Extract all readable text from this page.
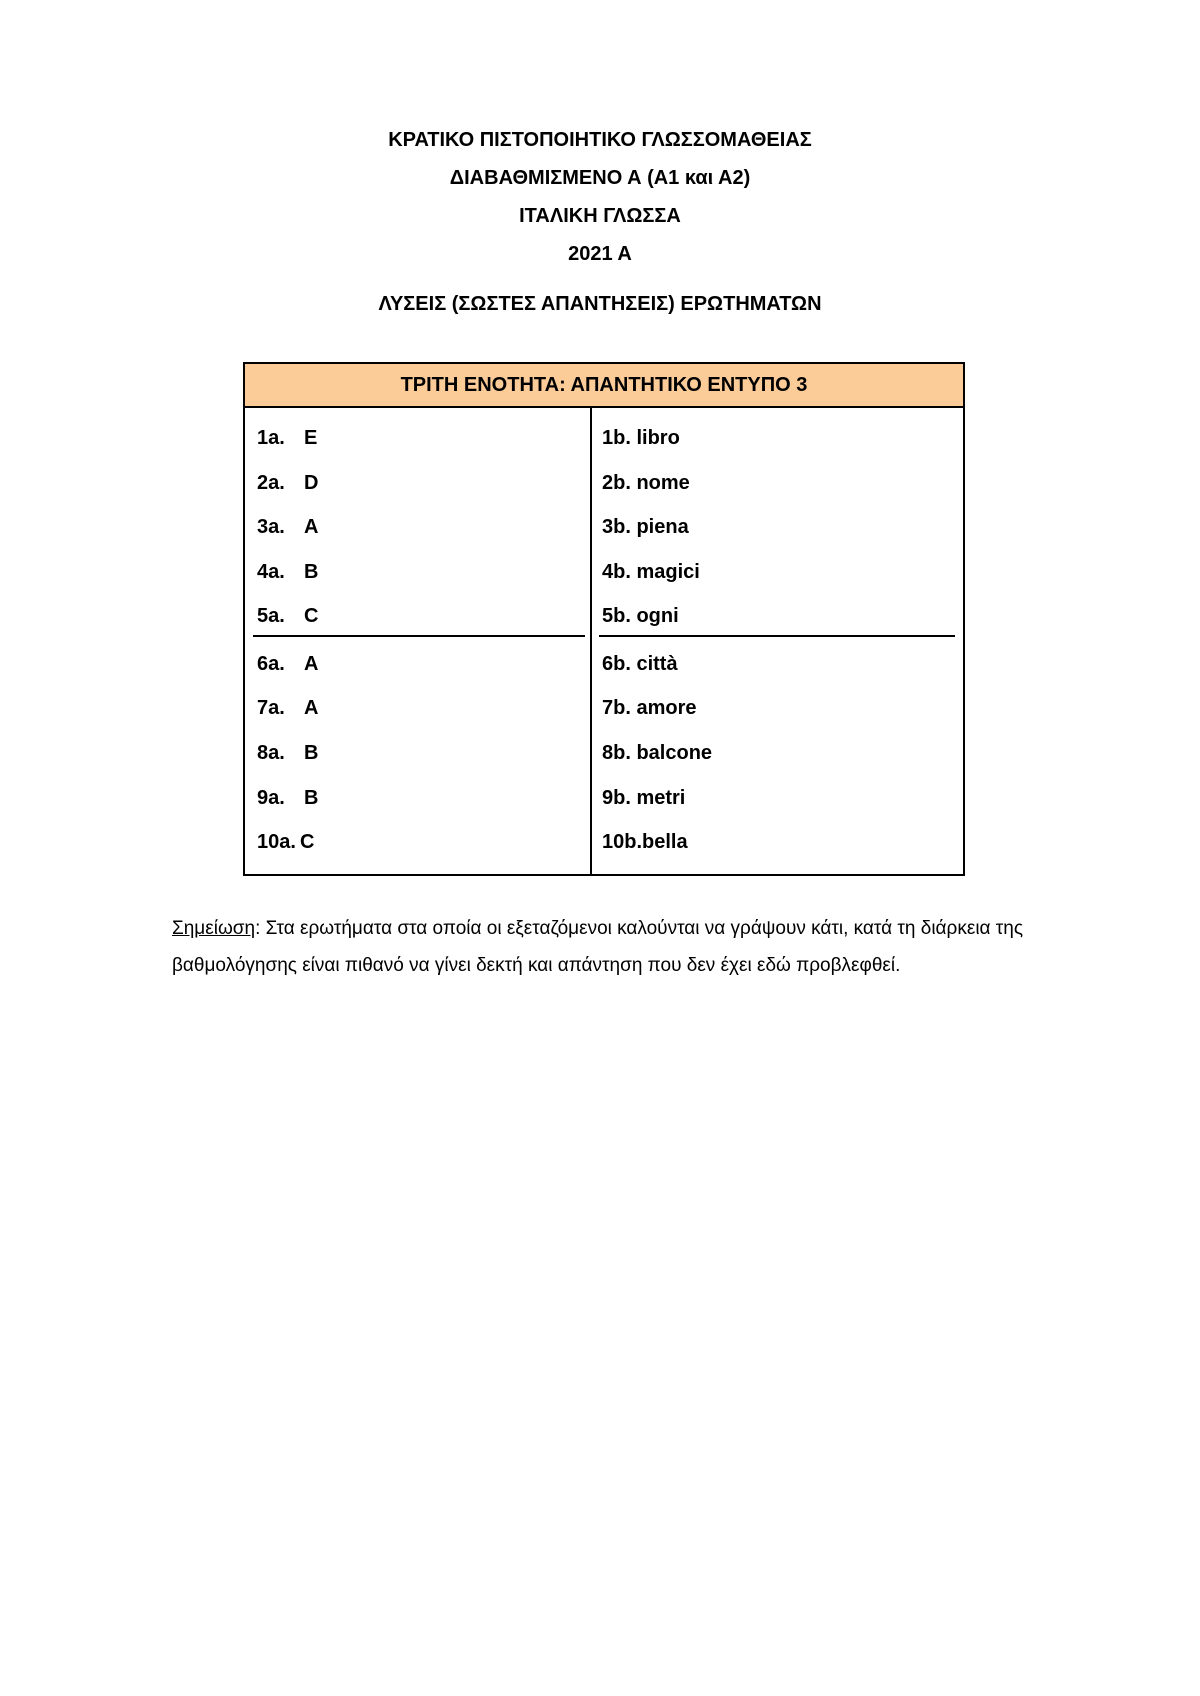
ΚΡΑΤΙΚΟ ΠΙΣΤΟΠΟΙΗΤΙΚΟ ΓΛΩΣΣΟΜΑΘΕΙΑΣ

ΔΙΑΒΑΘΜΙΣΜΕΝΟ Α (Α1 και Α2)

ΙΤΑΛΙΚΗ ΓΛΩΣΣΑ

2021 Α

ΛΥΣΕΙΣ (ΣΩΣΤΕΣ ΑΠΑΝΤΗΣΕΙΣ) ΕΡΩΤΗΜΑΤΩΝ

ΤΡΙΤΗ ΕΝΟΤΗΤΑ: ΑΠΑΝΤΗΤΙΚΟ ΕΝΤΥΠΟ 3
1a. E	1b. libro
2a. D	2b. nome
3a. A	3b. piena
4a. B	4b. magici
5a. C	5b. ogni
6a. A	6b. città
7a. A	7b. amore
8a. B	8b. balcone
9a. B	9b. metri
10a. C	10b.bella

Σημείωση: Στα ερωτήματα στα οποία οι εξεταζόμενοι καλούνται να γράψουν κάτι, κατά τη διάρκεια της βαθμολόγησης είναι πιθανό να γίνει δεκτή και απάντηση που δεν έχει εδώ προβλεφθεί.
